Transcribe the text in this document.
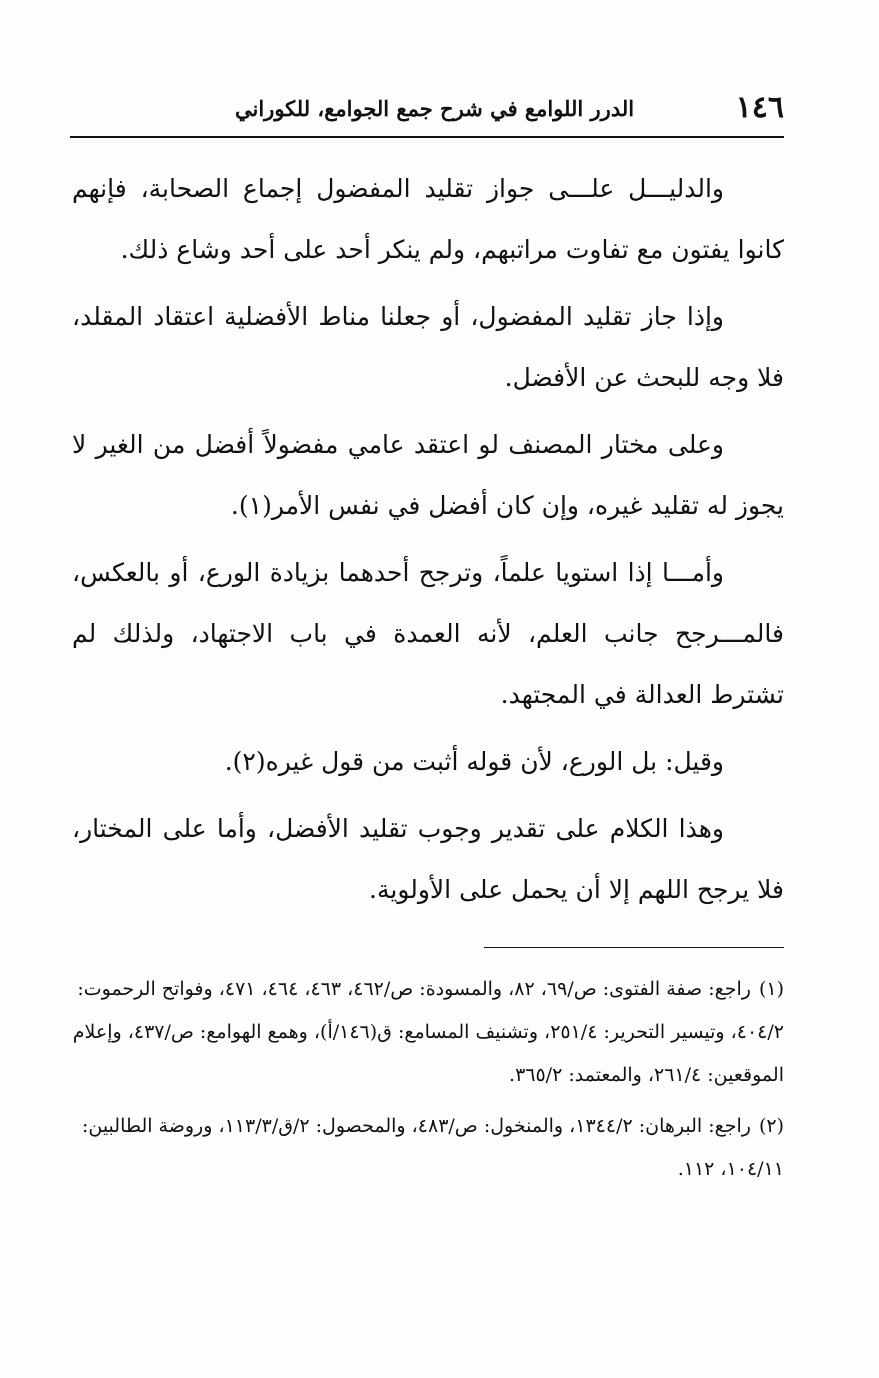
١٤٦
الدرر اللوامع في شرح جمع الجوامع، للكوراني

والدليـــل علـــى جواز تقليد المفضول إجماع الصحابة، فإنهم كانوا يفتون مع تفاوت مراتبهم، ولم ينكر أحد على أحد وشاع ذلك.

وإذا جاز تقليد المفضول، أو جعلنا مناط الأفضلية اعتقاد المقلد، فلا وجه للبحث عن الأفضل.

وعلى مختار المصنف لو اعتقد عامي مفضولاً أفضل من الغير لا يجوز له تقليد غيره، وإن كان أفضل في نفس الأمر(١).

وأمـــا إذا استويا علماً، وترجح أحدهما بزيادة الورع، أو بالعكس، فالمـــرجح جانب العلم، لأنه العمدة في باب الاجتهاد، ولذلك لم تشترط العدالة في المجتهد.

وقيل: بل الورع، لأن قوله أثبت من قول غيره(٢).

وهذا الكلام على تقدير وجوب تقليد الأفضل، وأما على المختار، فلا يرجح اللهم إلا أن يحمل على الأولوية.

(١)راجع: صفة الفتوى: ص/٦٩، ٨٢، والمسودة: ص/٤٦٢، ٤٦٣، ٤٦٤، ٤٧١، وفواتح الرحموت: ٤٠٤/٢، وتيسير التحرير: ٢٥١/٤، وتشنيف المسامع: ق(١٤٦/أ)، وهمع الهوامع: ص/٤٣٧، وإعلام الموقعين: ٢٦١/٤، والمعتمد: ٣٦٥/٢.

(٢)راجع: البرهان: ١٣٤٤/٢، والمنخول: ص/٤٨٣، والمحصول: ٢/ق/١١٣/٣، وروضة الطالبين: ١٠٤/١١، ١١٢.
